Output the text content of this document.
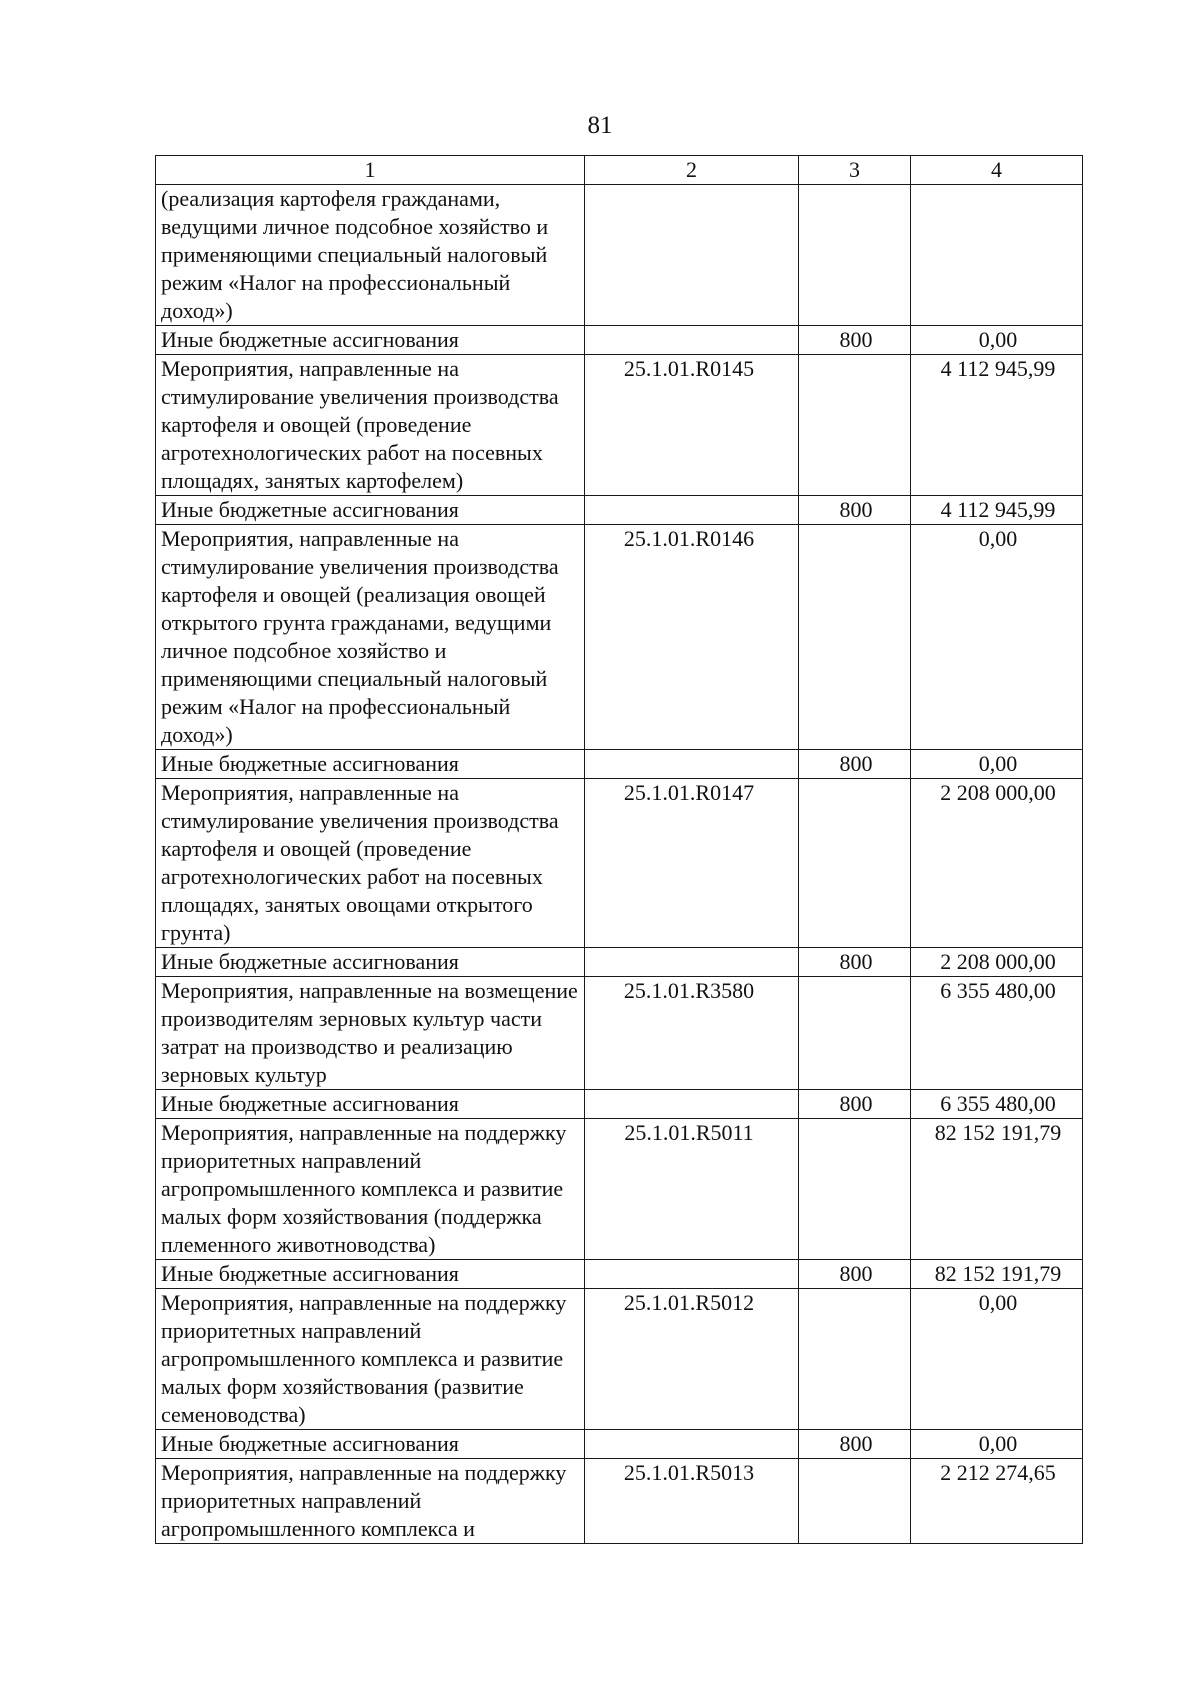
81
1	2	3	4
(реализация картофеля гражданами, ведущими личное подсобное хозяйство и применяющими специальный налоговый режим «Налог на профессиональный доход»)			
Иные бюджетные ассигнования		800	0,00
Мероприятия, направленные на стимулирование увеличения производства картофеля и овощей (проведение агротехнологических работ на посевных площадях, занятых картофелем)	25.1.01.R0145		4 112 945,99
Иные бюджетные ассигнования		800	4 112 945,99
Мероприятия, направленные на стимулирование увеличения производства картофеля и овощей (реализация овощей открытого грунта гражданами, ведущими личное подсобное хозяйство и применяющими специальный налоговый режим «Налог на профессиональный доход»)	25.1.01.R0146		0,00
Иные бюджетные ассигнования		800	0,00
Мероприятия, направленные на стимулирование увеличения производства картофеля и овощей (проведение агротехнологических работ на посевных площадях, занятых овощами открытого грунта)	25.1.01.R0147		2 208 000,00
Иные бюджетные ассигнования		800	2 208 000,00
Мероприятия, направленные на возмещение производителям зерновых культур части затрат на производство и реализацию зерновых культур	25.1.01.R3580		6 355 480,00
Иные бюджетные ассигнования		800	6 355 480,00
Мероприятия, направленные на поддержку приоритетных направлений агропромышленного комплекса и развитие малых форм хозяйствования (поддержка племенного животноводства)	25.1.01.R5011		82 152 191,79
Иные бюджетные ассигнования		800	82 152 191,79
Мероприятия, направленные на поддержку приоритетных направлений агропромышленного комплекса и развитие малых форм хозяйствования (развитие семеноводства)	25.1.01.R5012		0,00
Иные бюджетные ассигнования		800	0,00
Мероприятия, направленные на поддержку приоритетных направлений агропромышленного комплекса и	25.1.01.R5013		2 212 274,65
